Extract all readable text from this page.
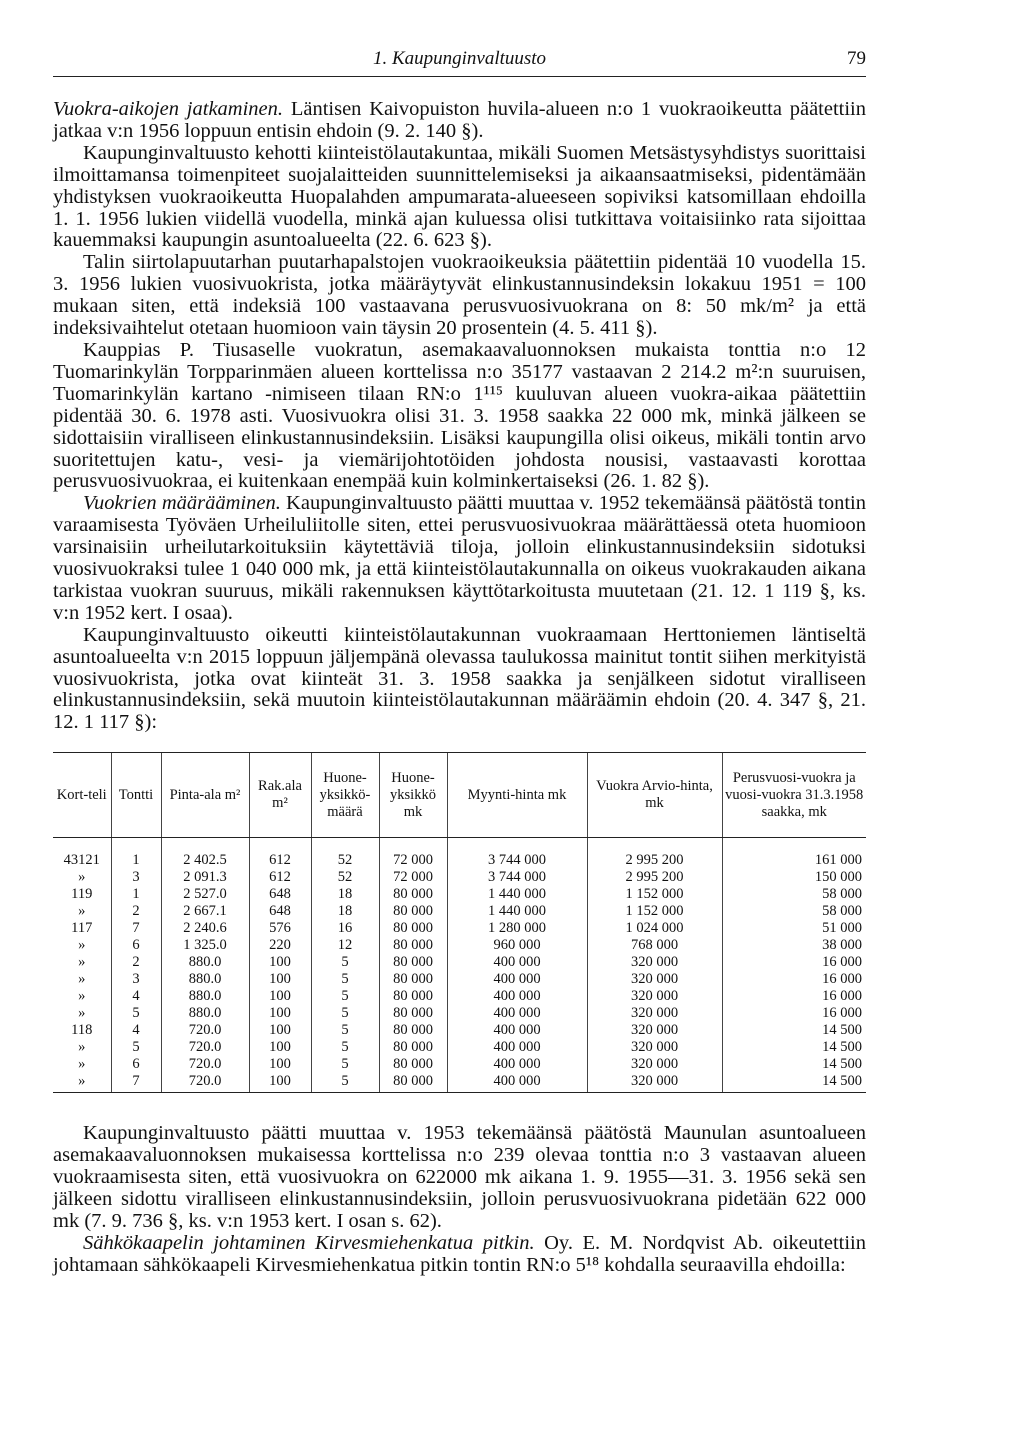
1. Kaupunginvaltuusto	79

Vuokra-aikojen jatkaminen. Läntisen Kaivopuiston huvila-alueen n:o 1 vuokraoikeutta päätettiin jatkaa v:n 1956 loppuun entisin ehdoin (9. 2. 140 §).

Kaupunginvaltuusto kehotti kiinteistölautakuntaa, mikäli Suomen Metsästysyhdistys suorittaisi ilmoittamansa toimenpiteet suojalaitteiden suunnittelemiseksi ja aikaansaatmiseksi, pidentämään yhdistyksen vuokraoikeutta Huopalahden ampumarata-alueeseen sopiviksi katsomillaan ehdoilla 1. 1. 1956 lukien viidellä vuodella, minkä ajan kuluessa olisi tutkittava voitaisiinko rata sijoittaa kauemmaksi kaupungin asuntoalueelta (22. 6. 623 §).

Talin siirtolapuutarhan puutarhapalstojen vuokraoikeuksia päätettiin pidentää 10 vuodella 15. 3. 1956 lukien vuosivuokrista, jotka määräytyvät elinkustannusindeksin lokakuu 1951 = 100 mukaan siten, että indeksiä 100 vastaavana perusvuosivuokrana on 8: 50 mk/m² ja että indeksivaihtelut otetaan huomioon vain täysin 20 prosentein (4. 5. 411 §).

Kauppias P. Tiusaselle vuokratun, asemakaavaluonnoksen mukaista tonttia n:o 12 Tuomarinkylän Torpparinmäen alueen korttelissa n:o 35177 vastaavan 2 214.2 m²:n suuruisen, Tuomarinkylän kartano -nimiseen tilaan RN:o 1¹¹⁵ kuuluvan alueen vuokra-aikaa päätettiin pidentää 30. 6. 1978 asti. Vuosivuokra olisi 31. 3. 1958 saakka 22 000 mk, minkä jälkeen se sidottaisiin viralliseen elinkustannusindeksiin. Lisäksi kaupungilla olisi oikeus, mikäli tontin arvo suoritettujen katu-, vesi- ja viemärijohtotöiden johdosta nousisi, vastaavasti korottaa perusvuosivuokraa, ei kuitenkaan enempää kuin kolminkertaiseksi (26. 1. 82 §).

Vuokrien määrääminen. Kaupunginvaltuusto päätti muuttaa v. 1952 tekemäänsä päätöstä tontin varaamisesta Työväen Urheiluliitolle siten, ettei perusvuosivuokraa määrättäessä oteta huomioon varsinaisiin urheilutarkoituksiin käytettäviä tiloja, jolloin elinkustannusindeksiin sidotuksi vuosivuokraksi tulee 1 040 000 mk, ja että kiinteistölautakunnalla on oikeus vuokrakauden aikana tarkistaa vuokran suuruus, mikäli rakennuksen käyttötarkoitusta muutetaan (21. 12. 1 119 §, ks. v:n 1952 kert. I osaa).

Kaupunginvaltuusto oikeutti kiinteistölautakunnan vuokraamaan Herttoniemen läntiseltä asuntoalueelta v:n 2015 loppuun jäljempänä olevassa taulukossa mainitut tontit siihen merkityistä vuosivuokrista, jotka ovat kiinteät 31. 3. 1958 saakka ja senjälkeen sidotut viralliseen elinkustannusindeksiin, sekä muutoin kiinteistölautakunnan määräämin ehdoin (20. 4. 347 §, 21. 12. 1 117 §):

Kort-teli	Tontti	Pinta-ala m²	Rak.ala m²	Huone-yksikkö-määrä	Huone-yksikkö mk	Myynti-hinta mk	Vuokra Arvio-hinta, mk	Perusvuosi-vuokra ja vuosi-vuokra 31.3.1958 saakka, mk
43121	1	2 402.5	612	52	72 000	3 744 000	2 995 200	161 000
»	3	2 091.3	612	52	72 000	3 744 000	2 995 200	150 000
119	1	2 527.0	648	18	80 000	1 440 000	1 152 000	58 000
»	2	2 667.1	648	18	80 000	1 440 000	1 152 000	58 000
117	7	2 240.6	576	16	80 000	1 280 000	1 024 000	51 000
»	6	1 325.0	220	12	80 000	960 000	768 000	38 000
»	2	880.0	100	5	80 000	400 000	320 000	16 000
»	3	880.0	100	5	80 000	400 000	320 000	16 000
»	4	880.0	100	5	80 000	400 000	320 000	16 000
»	5	880.0	100	5	80 000	400 000	320 000	16 000
118	4	720.0	100	5	80 000	400 000	320 000	14 500
»	5	720.0	100	5	80 000	400 000	320 000	14 500
»	6	720.0	100	5	80 000	400 000	320 000	14 500
»	7	720.0	100	5	80 000	400 000	320 000	14 500

Kaupunginvaltuusto päätti muuttaa v. 1953 tekemäänsä päätöstä Maunulan asuntoalueen asemakaavaluonnoksen mukaisessa korttelissa n:o 239 olevaa tonttia n:o 3 vastaavan alueen vuokraamisesta siten, että vuosivuokra on 622000 mk aikana 1. 9. 1955—31. 3. 1956 sekä sen jälkeen sidottu viralliseen elinkustannusindeksiin, jolloin perusvuosivuokrana pidetään 622 000 mk (7. 9. 736 §, ks. v:n 1953 kert. I osan s. 62).

Sähkökaapelin johtaminen Kirvesmiehenkatua pitkin. Oy. E. M. Nordqvist Ab. oikeutettiin johtamaan sähkökaapeli Kirvesmiehenkatua pitkin tontin RN:o 5¹⁸ kohdalla seuraavilla ehdoilla:
